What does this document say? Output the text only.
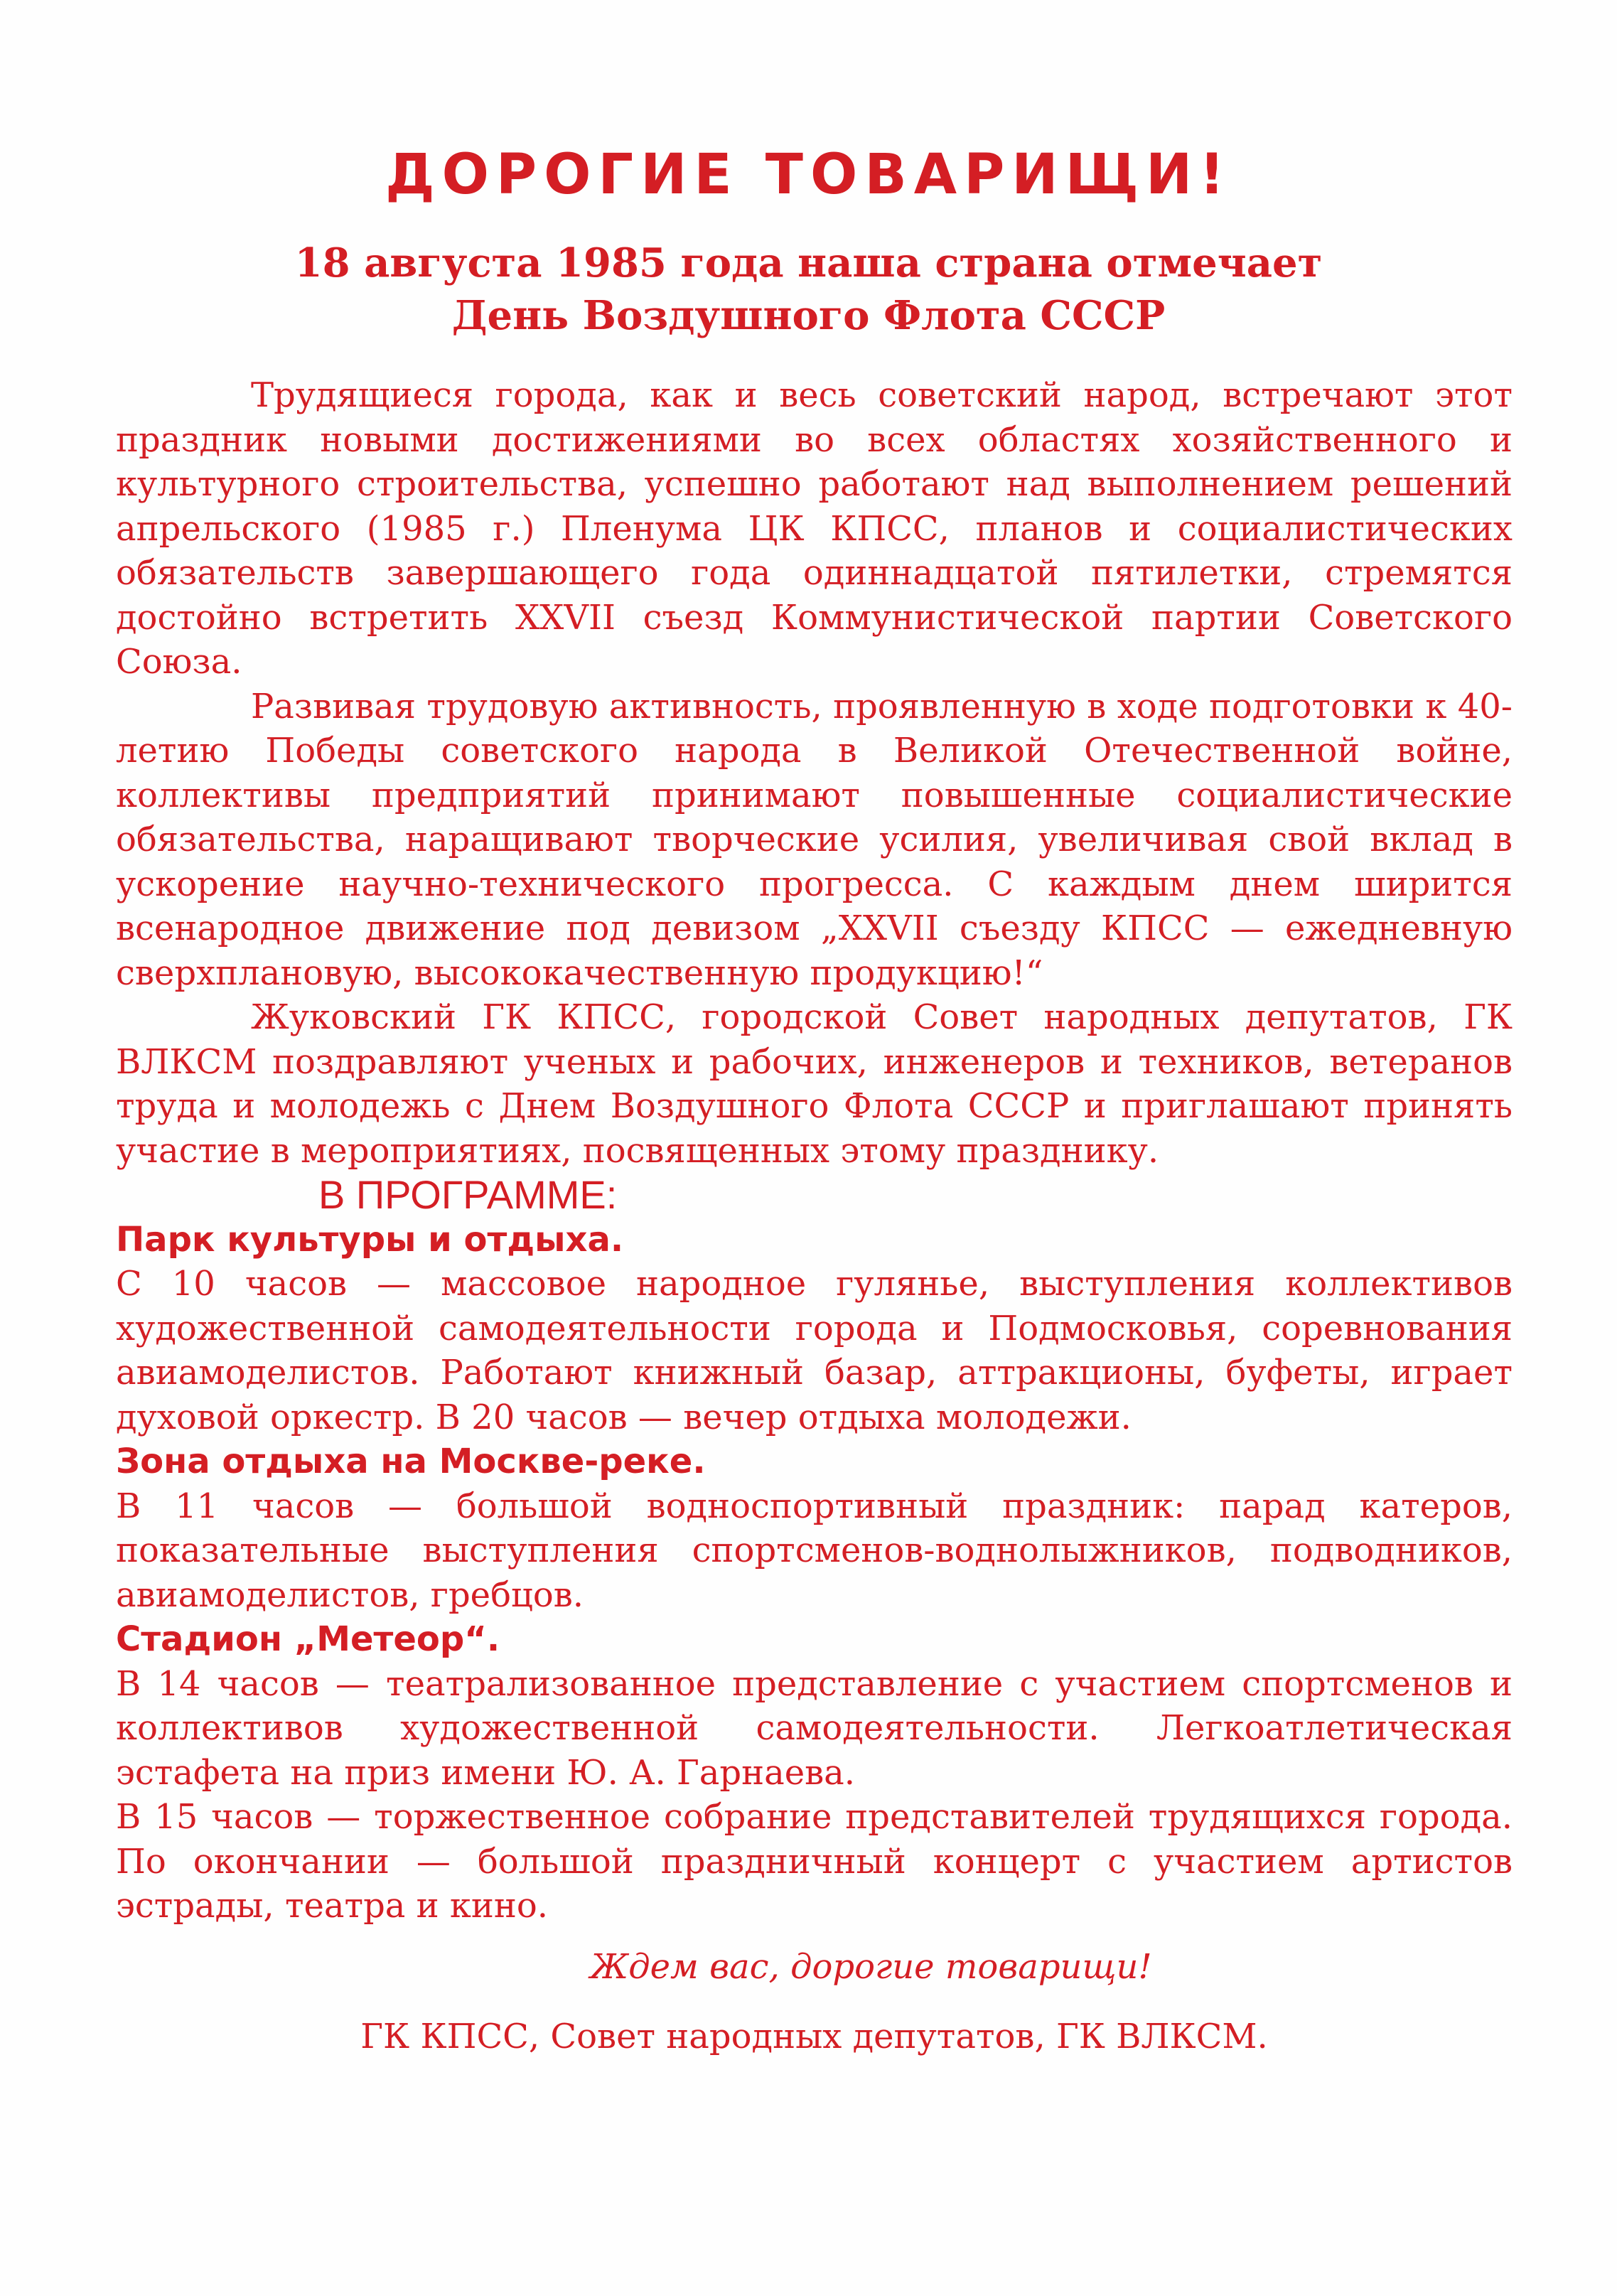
ДОРОГИЕ ТОВАРИЩИ!
18 августа 1985 года наша страна отмечает
День Воздушного Флота СССР

Трудящиеся города, как и весь советский народ, встречают этот праздник новыми достижениями во всех областях хозяйственного и культурного строительства, успешно работают над выполнением решений апрельского (1985 г.) Пленума ЦК КПСС, планов и социалистических обязательств завершающего года одиннадцатой пятилетки, стремятся достойно встретить XXVII съезд Коммунистической партии Советского Союза.

Развивая трудовую активность, проявленную в ходе подготовки к 40-летию Победы советского народа в Великой Отечественной войне, коллективы предприятий принимают повышенные социалистические обязательства, наращивают творческие усилия, увеличивая свой вклад в ускорение научно-технического прогресса. С каждым днем ширится всенародное движение под девизом „XXVII съезду КПСС — ежедневную сверхплановую, высококачественную продукцию!“

Жуковский ГК КПСС, городской Совет народных депутатов, ГК ВЛКСМ поздравляют ученых и рабочих, инженеров и техников, ветеранов труда и молодежь с Днем Воздушного Флота СССР и приглашают принять участие в мероприятиях, посвященных этому празднику.

В ПРОГРАММЕ:

Парк культуры и отдыха.

С 10 часов — массовое народное гулянье, выступления коллективов художественной самодеятельности города и Подмосковья, соревнования авиамоделистов. Работают книжный базар, аттракционы, буфеты, играет духовой оркестр. В 20 часов — вечер отдыха молодежи.

Зона отдыха на Москве-реке.

В 11 часов — большой водноспортивный праздник: парад катеров, показательные выступления спортсменов-воднолыжников, подводников, авиамоделистов, гребцов.

Стадион „Метеор“.

В 14 часов — театрализованное представление с участием спортсменов и коллективов художественной самодеятельности. Легкоатлетическая эстафета на приз имени Ю. А. Гарнаева.

В 15 часов — торжественное собрание представителей трудящихся города. По окончании — большой праздничный концерт с участием артистов эстрады, театра и кино.

Ждем вас, дорогие товарищи!

ГК КПСС, Совет народных депутатов, ГК ВЛКСМ.
